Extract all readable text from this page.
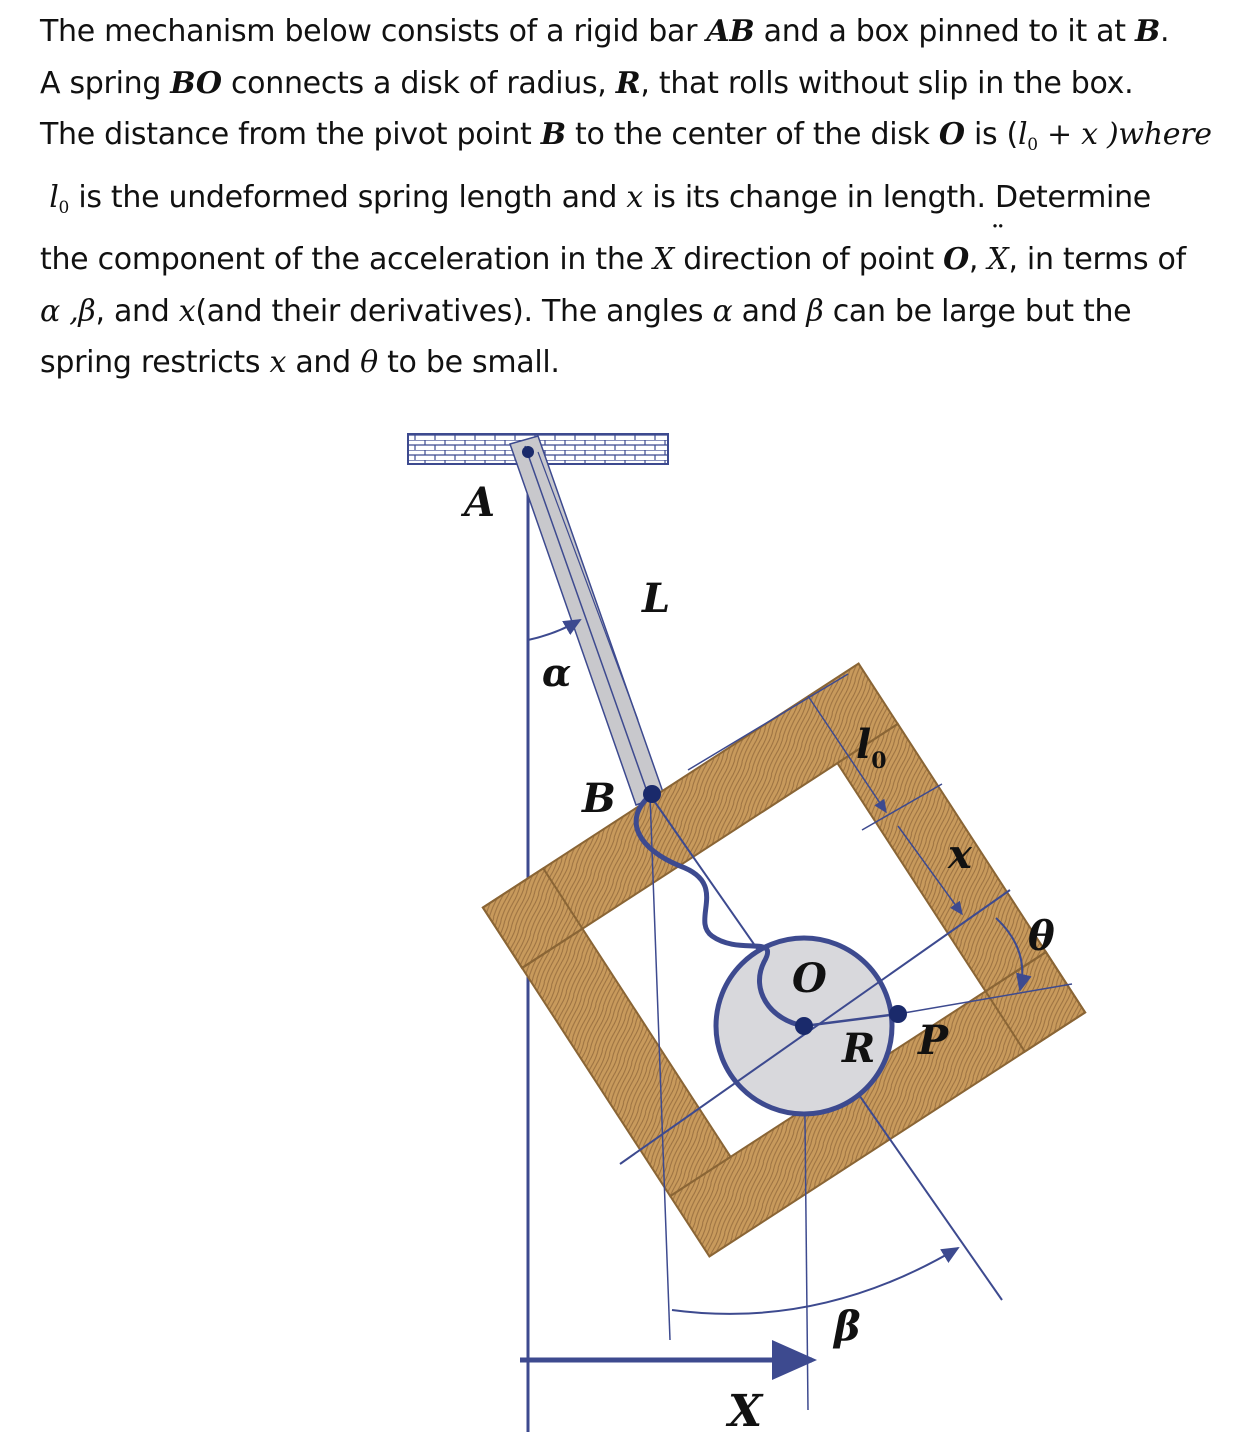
The mechanism below consists of a rigid bar AB and a box pinned to it at B.

A spring BO connects a disk of radius, R, that rolls without slip in the box.

The distance from the pivot point B to the center of the disk O is ($l_0 + x$ )where

$l_0$ is the undeformed spring length and x is its change in length. Determine

the component of the acceleration in the X direction of point O, X ¨, in terms of

α ,β, and x(and their derivatives). The angles α and β can be large but the

spring restricts x and θ to be small.

A
L
α
B
$l_0$
x
θ
O
R P
β
X
